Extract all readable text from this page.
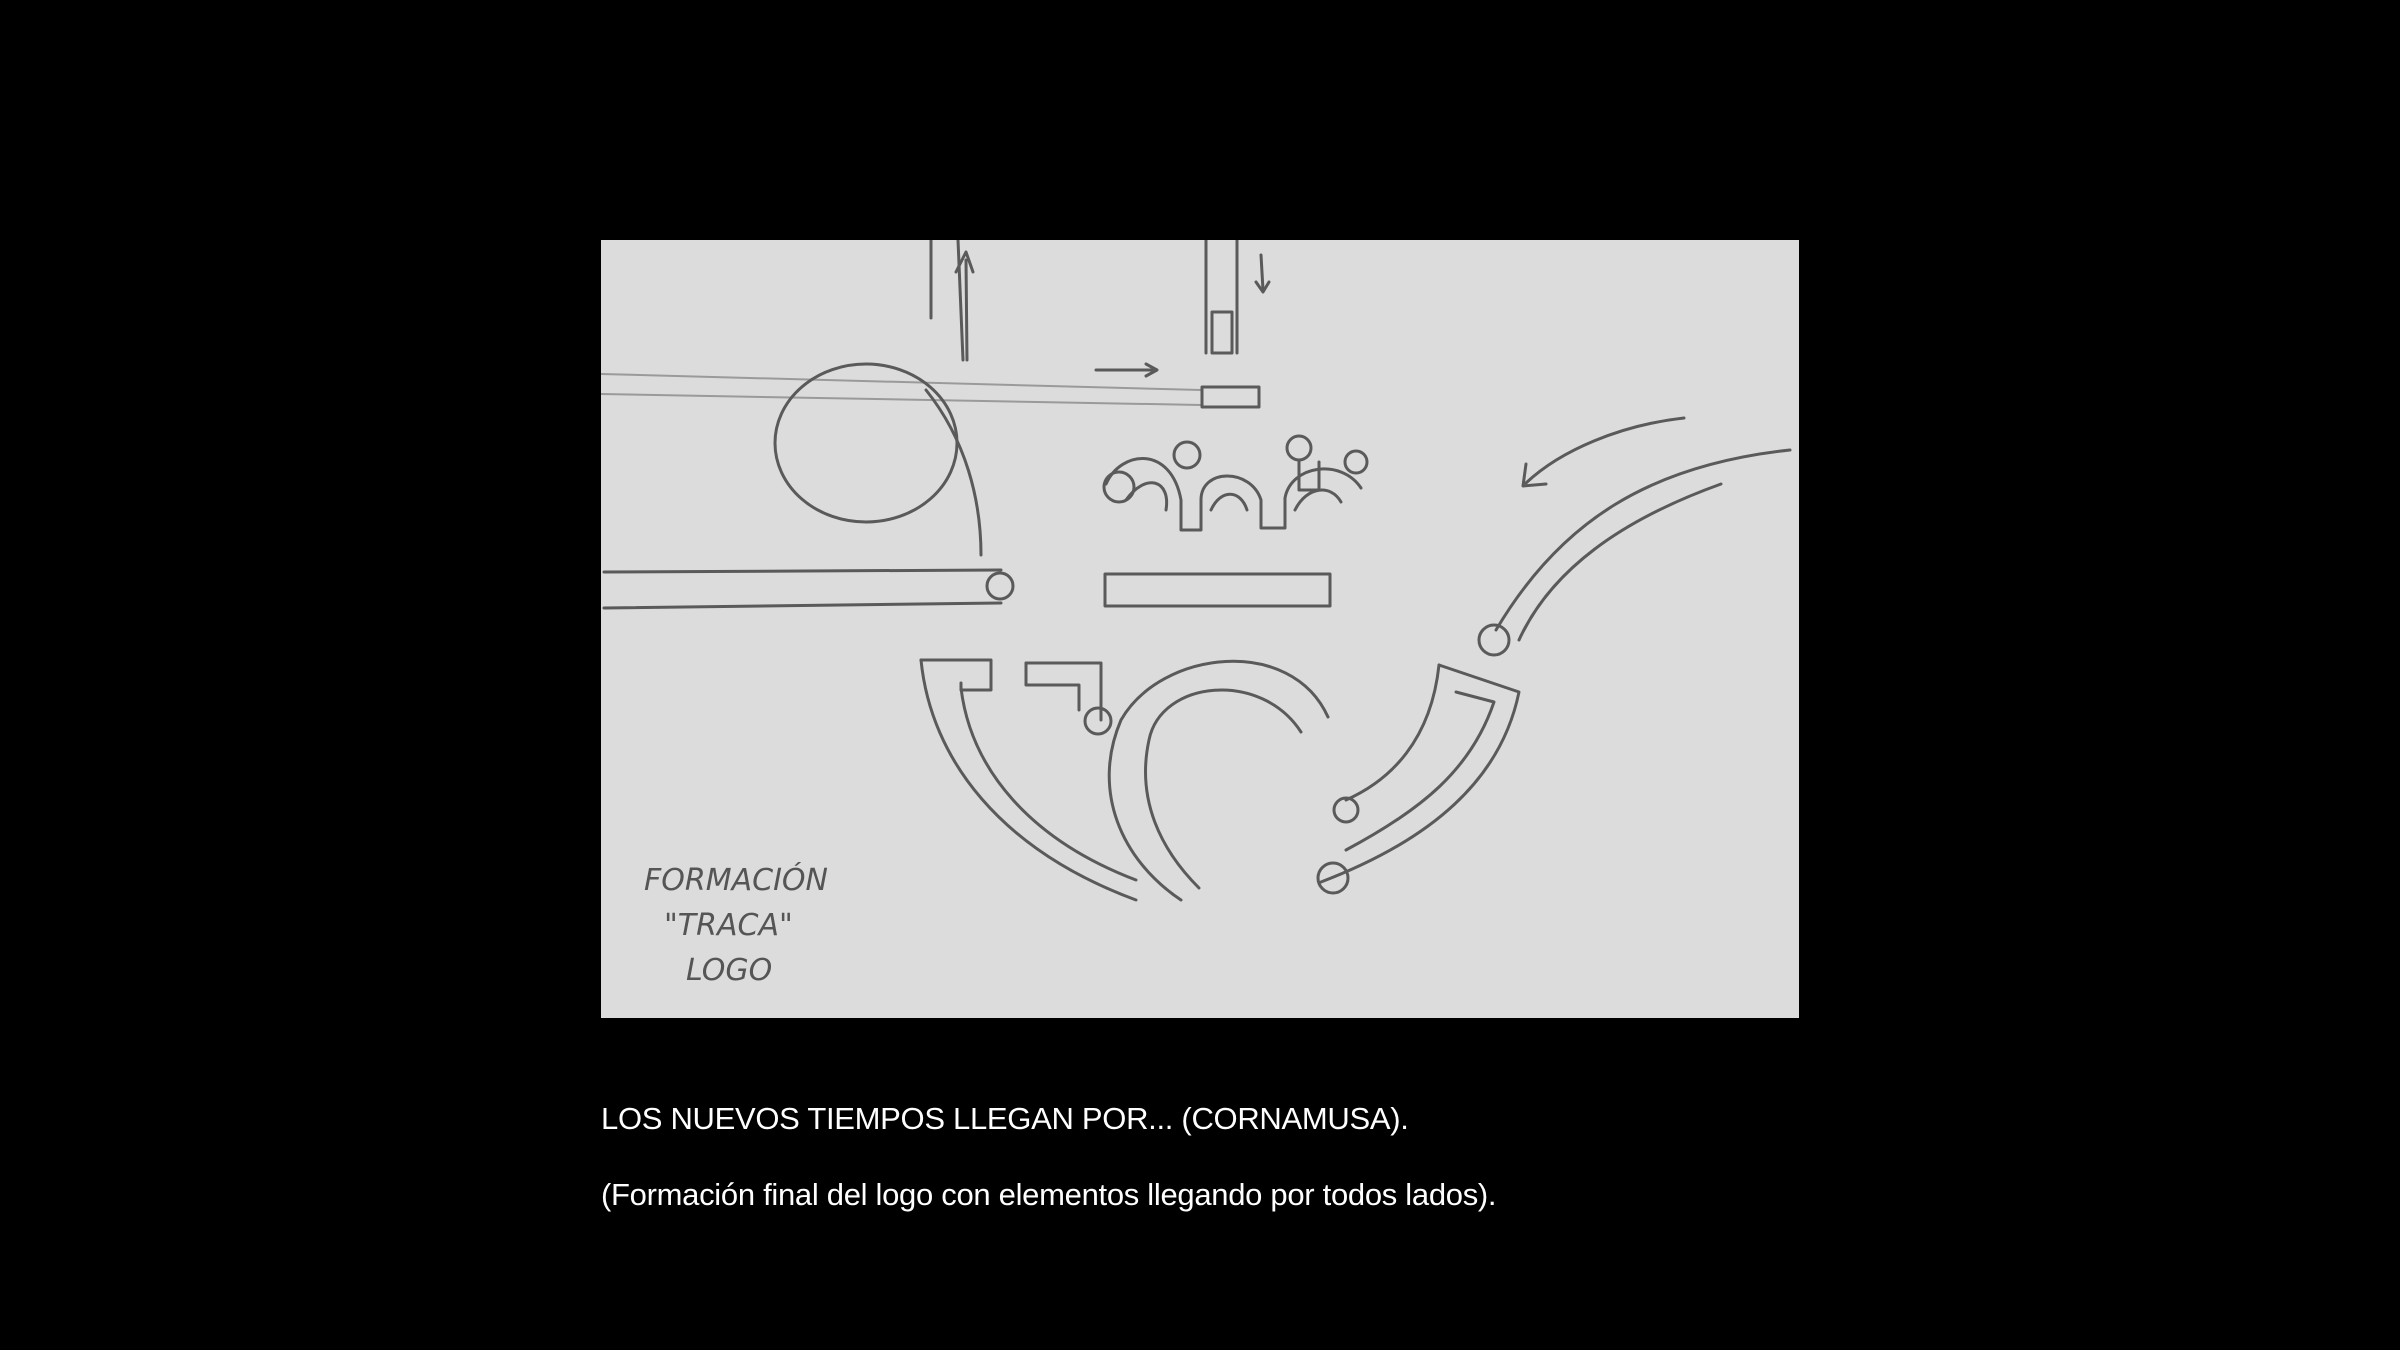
FORMACIÓN
"TRACA"
LOGO
LOS NUEVOS TIEMPOS LLEGAN POR... (CORNAMUSA).
(Formación final del logo con elementos llegando por todos lados).
